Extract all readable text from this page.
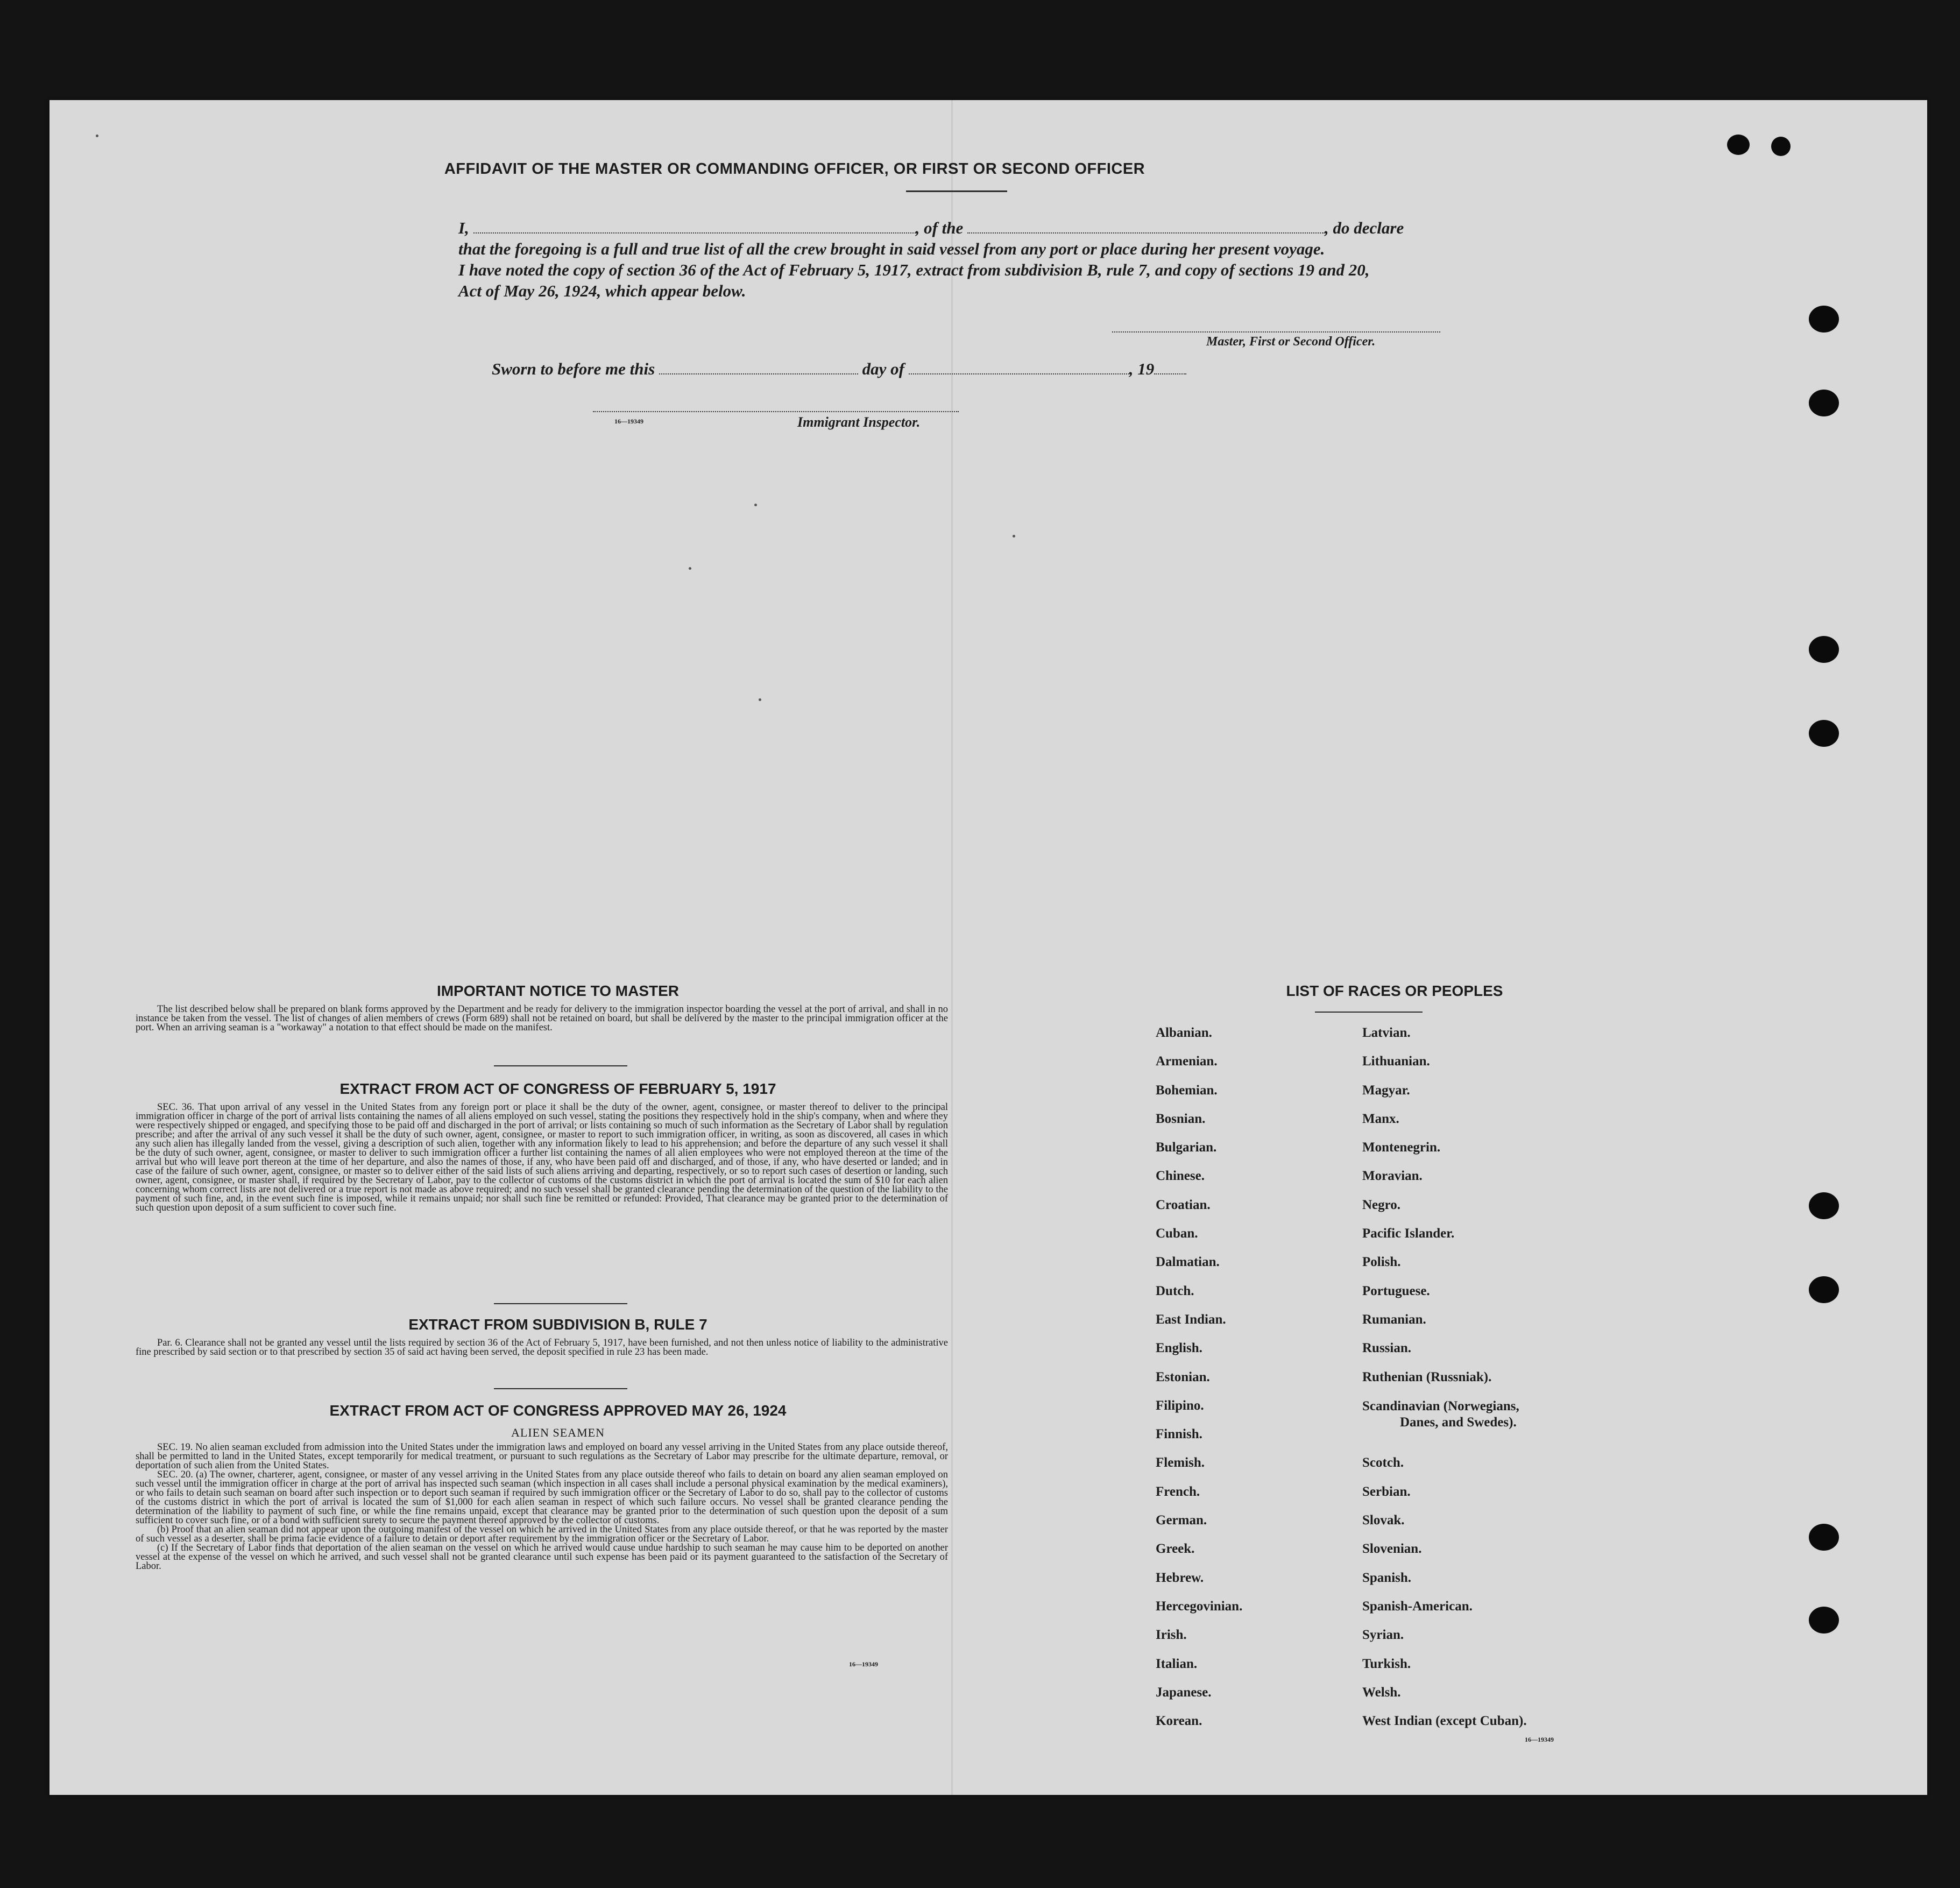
AFFIDAVIT OF THE MASTER OR COMMANDING OFFICER, OR FIRST OR SECOND OFFICER
I,	, of the	, do declare
that the foregoing is a full and true list of all the crew brought in said vessel from any port or place during her present voyage.
I have noted the copy of section 36 of the Act of February 5, 1917, extract from subdivision B, rule 7, and copy of sections 19 and 20,
Act of May 26, 1924, which appear below.
Master, First or Second Officer.
Sworn to before me this	day of	, 19
16—19349	Immigrant Inspector.
IMPORTANT NOTICE TO MASTER

The list described below shall be prepared on blank forms approved by the Department and be ready for delivery to the immigration inspector boarding the vessel at the port of arrival, and shall in no instance be taken from the vessel. The list of changes of alien members of crews (Form 689) shall not be retained on board, but shall be delivered by the master to the principal immigration officer at the port. When an arriving seaman is a "workaway" a notation to that effect should be made on the manifest.

EXTRACT FROM ACT OF CONGRESS OF FEBRUARY 5, 1917

SEC. 36. That upon arrival of any vessel in the United States from any foreign port or place it shall be the duty of the owner, agent, consignee, or master thereof to deliver to the principal immigration officer in charge of the port of arrival lists containing the names of all aliens employed on such vessel, stating the positions they respectively hold in the ship's company, when and where they were respectively shipped or engaged, and specifying those to be paid off and discharged in the port of arrival; or lists containing so much of such information as the Secretary of Labor shall by regulation prescribe; and after the arrival of any such vessel it shall be the duty of such owner, agent, consignee, or master to report to such immigration officer, in writing, as soon as discovered, all cases in which any such alien has illegally landed from the vessel, giving a description of such alien, together with any information likely to lead to his apprehension; and before the departure of any such vessel it shall be the duty of such owner, agent, consignee, or master to deliver to such immigration officer a further list containing the names of all alien employees who were not employed thereon at the time of the arrival but who will leave port thereon at the time of her departure, and also the names of those, if any, who have been paid off and discharged, and of those, if any, who have deserted or landed; and in case of the failure of such owner, agent, consignee, or master so to deliver either of the said lists of such aliens arriving and departing, respectively, or so to report such cases of desertion or landing, such owner, agent, consignee, or master shall, if required by the Secretary of Labor, pay to the collector of customs of the customs district in which the port of arrival is located the sum of $10 for each alien concerning whom correct lists are not delivered or a true report is not made as above required; and no such vessel shall be granted clearance pending the determination of the question of the liability to the payment of such fine, and, in the event such fine is imposed, while it remains unpaid; nor shall such fine be remitted or refunded: Provided, That clearance may be granted prior to the determination of such question upon deposit of a sum sufficient to cover such fine.

EXTRACT FROM SUBDIVISION B, RULE 7

Par. 6. Clearance shall not be granted any vessel until the lists required by section 36 of the Act of February 5, 1917, have been furnished, and not then unless notice of liability to the administrative fine prescribed by said section or to that prescribed by section 35 of said act having been served, the deposit specified in rule 23 has been made.

EXTRACT FROM ACT OF CONGRESS APPROVED MAY 26, 1924
ALIEN SEAMEN

SEC. 19. No alien seaman excluded from admission into the United States under the immigration laws and employed on board any vessel arriving in the United States from any place outside thereof, shall be permitted to land in the United States, except temporarily for medical treatment, or pursuant to such regulations as the Secretary of Labor may prescribe for the ultimate departure, removal, or deportation of such alien from the United States.

SEC. 20. (a) The owner, charterer, agent, consignee, or master of any vessel arriving in the United States from any place outside thereof who fails to detain on board any alien seaman employed on such vessel until the immigration officer in charge at the port of arrival has inspected such seaman (which inspection in all cases shall include a personal physical examination by the medical examiners), or who fails to detain such seaman on board after such inspection or to deport such seaman if required by such immigration officer or the Secretary of Labor to do so, shall pay to the collector of customs of the customs district in which the port of arrival is located the sum of $1,000 for each alien seaman in respect of which such failure occurs. No vessel shall be granted clearance pending the determination of the liability to payment of such fine, or while the fine remains unpaid, except that clearance may be granted prior to the determination of such question upon the deposit of a sum sufficient to cover such fine, or of a bond with sufficient surety to secure the payment thereof approved by the collector of customs.

(b) Proof that an alien seaman did not appear upon the outgoing manifest of the vessel on which he arrived in the United States from any place outside thereof, or that he was reported by the master of such vessel as a deserter, shall be prima facie evidence of a failure to detain or deport after requirement by the immigration officer or the Secretary of Labor.

(c) If the Secretary of Labor finds that deportation of the alien seaman on the vessel on which he arrived would cause undue hardship to such seaman he may cause him to be deported on another vessel at the expense of the vessel on which he arrived, and such vessel shall not be granted clearance until such expense has been paid or its payment guaranteed to the satisfaction of the Secretary of Labor.

16—19349
LIST OF RACES OR PEOPLES
Albanian.
Armenian.
Bohemian.
Bosnian.
Bulgarian.
Chinese.
Croatian.
Cuban.
Dalmatian.
Dutch.
East Indian.
English.
Estonian.
Filipino.
Finnish.
Flemish.
French.
German.
Greek.
Hebrew.
Hercegovinian.
Irish.
Italian.
Japanese.
Korean.
Latvian.
Lithuanian.
Magyar.
Manx.
Montenegrin.
Moravian.
Negro.
Pacific Islander.
Polish.
Portuguese.
Rumanian.
Russian.
Ruthenian (Russniak).
Scandinavian (Norwegians,
Danes, and Swedes).
Scotch.
Serbian.
Slovak.
Slovenian.
Spanish.
Spanish-American.
Syrian.
Turkish.
Welsh.
West Indian (except Cuban).
16—19349
